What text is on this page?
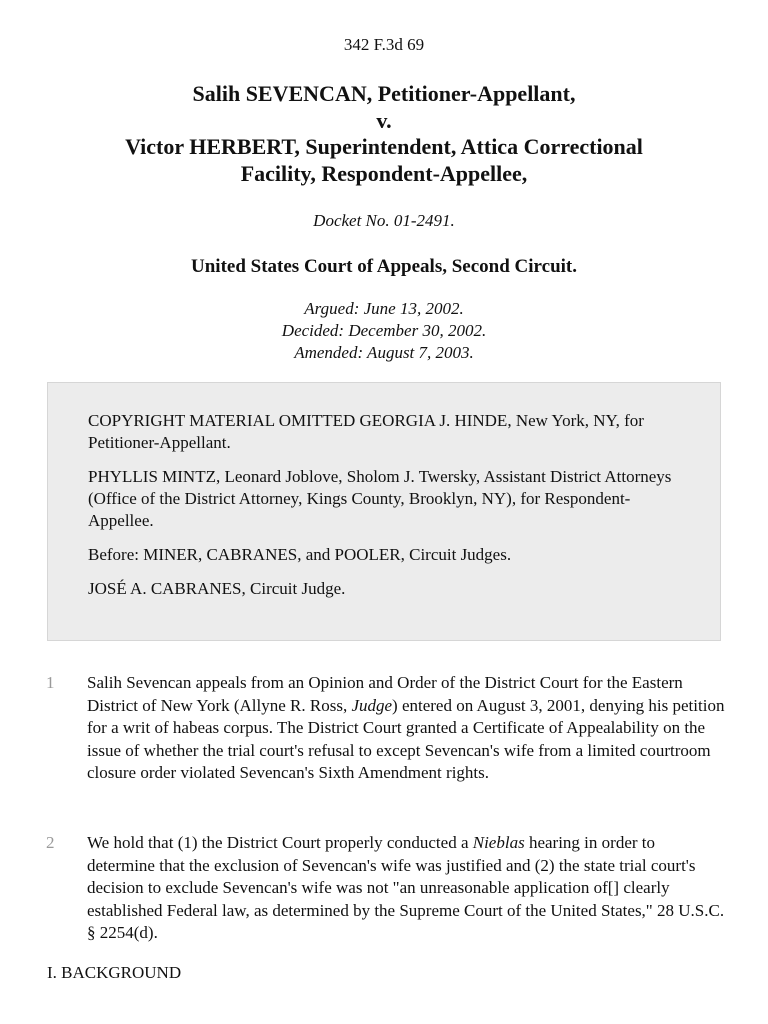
342 F.3d 69
Salih SEVENCAN, Petitioner-Appellant,
v.
Victor HERBERT, Superintendent, Attica Correctional
Facility, Respondent-Appellee,
Docket No. 01-2491.
United States Court of Appeals, Second Circuit.
Argued: June 13, 2002.
Decided: December 30, 2002.
Amended: August 7, 2003.

COPYRIGHT MATERIAL OMITTED GEORGIA J. HINDE, New York, NY, for Petitioner-Appellant.

PHYLLIS MINTZ, Leonard Joblove, Sholom J. Twersky, Assistant District Attorneys (Office of the District Attorney, Kings County, Brooklyn, NY), for Respondent-Appellee.

Before: MINER, CABRANES, and POOLER, Circuit Judges.

JOSÉ A. CABRANES, Circuit Judge.

1 Salih Sevencan appeals from an Opinion and Order of the District Court for the Eastern District of New York (Allyne R. Ross, Judge) entered on August 3, 2001, denying his petition for a writ of habeas corpus. The District Court granted a Certificate of Appealability on the issue of whether the trial court's refusal to except Sevencan's wife from a limited courtroom closure order violated Sevencan's Sixth Amendment rights.
2 We hold that (1) the District Court properly conducted a Nieblas hearing in order to determine that the exclusion of Sevencan's wife was justified and (2) the state trial court's decision to exclude Sevencan's wife was not "an unreasonable application of[] clearly established Federal law, as determined by the Supreme Court of the United States," 28 U.S.C. § 2254(d).
I. BACKGROUND
